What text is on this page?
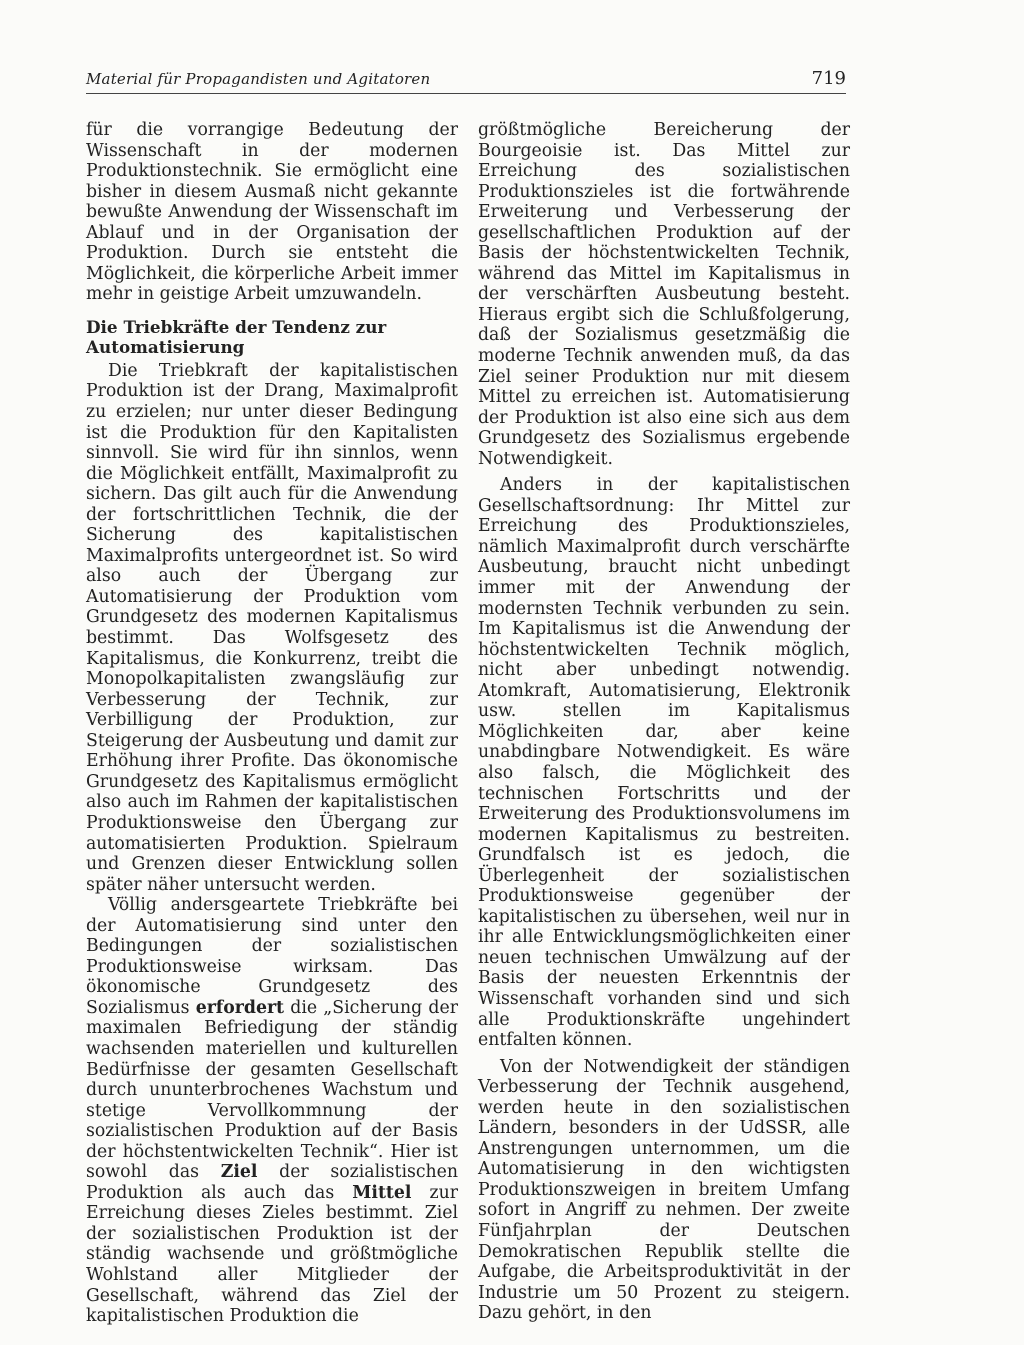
Material für Propagandisten und Agitatoren	719

für die vorrangige Bedeutung der Wissenschaft in der modernen Produktionstechnik. Sie ermöglicht eine bisher in diesem Ausmaß nicht gekannte bewußte Anwendung der Wissenschaft im Ablauf und in der Organisation der Produktion. Durch sie entsteht die Möglichkeit, die körperliche Arbeit immer mehr in geistige Arbeit umzuwandeln.

Die Triebkräfte der Tendenz zur Automatisierung

Die Triebkraft der kapitalistischen Produktion ist der Drang, Maximalprofit zu erzielen; nur unter dieser Bedingung ist die Produktion für den Kapitalisten sinnvoll. Sie wird für ihn sinnlos, wenn die Möglichkeit entfällt, Maximalprofit zu sichern. Das gilt auch für die Anwendung der fortschrittlichen Technik, die der Sicherung des kapitalistischen Maximalprofits untergeordnet ist. So wird also auch der Übergang zur Automatisierung der Produktion vom Grundgesetz des modernen Kapitalismus bestimmt. Das Wolfsgesetz des Kapitalismus, die Konkurrenz, treibt die Monopolkapitalisten zwangsläufig zur Verbesserung der Technik, zur Verbilligung der Produktion, zur Steigerung der Ausbeutung und damit zur Erhöhung ihrer Profite. Das ökonomische Grundgesetz des Kapitalismus ermöglicht also auch im Rahmen der kapitalistischen Produktionsweise den Übergang zur automatisierten Produktion. Spielraum und Grenzen dieser Entwicklung sollen später näher untersucht werden.

Völlig andersgeartete Triebkräfte bei der Automatisierung sind unter den Bedingungen der sozialistischen Produktionsweise wirksam. Das ökonomische Grundgesetz des Sozialismus erfordert die „Sicherung der maximalen Befriedigung der ständig wachsenden materiellen und kulturellen Bedürfnisse der gesamten Gesellschaft durch ununterbrochenes Wachstum und stetige Vervollkommnung der sozialistischen Produktion auf der Basis der höchstentwickelten Technik“. Hier ist sowohl das Ziel der sozialistischen Produktion als auch das Mittel zur Erreichung dieses Zieles bestimmt. Ziel der sozialistischen Produktion ist der ständig wachsende und größtmögliche Wohlstand aller Mitglieder der Gesellschaft, während das Ziel der kapitalistischen Produktion die

größtmögliche Bereicherung der Bourgeoisie ist. Das Mittel zur Erreichung des sozialistischen Produktionszieles ist die fortwährende Erweiterung und Verbesserung der gesellschaftlichen Produktion auf der Basis der höchstentwickelten Technik, während das Mittel im Kapitalismus in der verschärften Ausbeutung besteht. Hieraus ergibt sich die Schlußfolgerung, daß der Sozialismus gesetzmäßig die moderne Technik anwenden muß, da das Ziel seiner Produktion nur mit diesem Mittel zu erreichen ist. Automatisierung der Produktion ist also eine sich aus dem Grundgesetz des Sozialismus ergebende Notwendigkeit.

Anders in der kapitalistischen Gesellschaftsordnung: Ihr Mittel zur Erreichung des Produktionszieles, nämlich Maximalprofit durch verschärfte Ausbeutung, braucht nicht unbedingt immer mit der Anwendung der modernsten Technik verbunden zu sein. Im Kapitalismus ist die Anwendung der höchstentwickelten Technik möglich, nicht aber unbedingt notwendig. Atomkraft, Automatisierung, Elektronik usw. stellen im Kapitalismus Möglichkeiten dar, aber keine unabdingbare Notwendigkeit. Es wäre also falsch, die Möglichkeit des technischen Fortschritts und der Erweiterung des Produktionsvolumens im modernen Kapitalismus zu bestreiten. Grundfalsch ist es jedoch, die Überlegenheit der sozialistischen Produktionsweise gegenüber der kapitalistischen zu übersehen, weil nur in ihr alle Entwicklungsmöglichkeiten einer neuen technischen Umwälzung auf der Basis der neuesten Erkenntnis der Wissenschaft vorhanden sind und sich alle Produktionskräfte ungehindert entfalten können.

Von der Notwendigkeit der ständigen Verbesserung der Technik ausgehend, werden heute in den sozialistischen Ländern, besonders in der UdSSR, alle Anstrengungen unternommen, um die Automatisierung in den wichtigsten Produktionszweigen in breitem Umfang sofort in Angriff zu nehmen. Der zweite Fünfjahrplan der Deutschen Demokratischen Republik stellte die Aufgabe, die Arbeitsproduktivität in der Industrie um 50 Prozent zu steigern. Dazu gehört, in den
